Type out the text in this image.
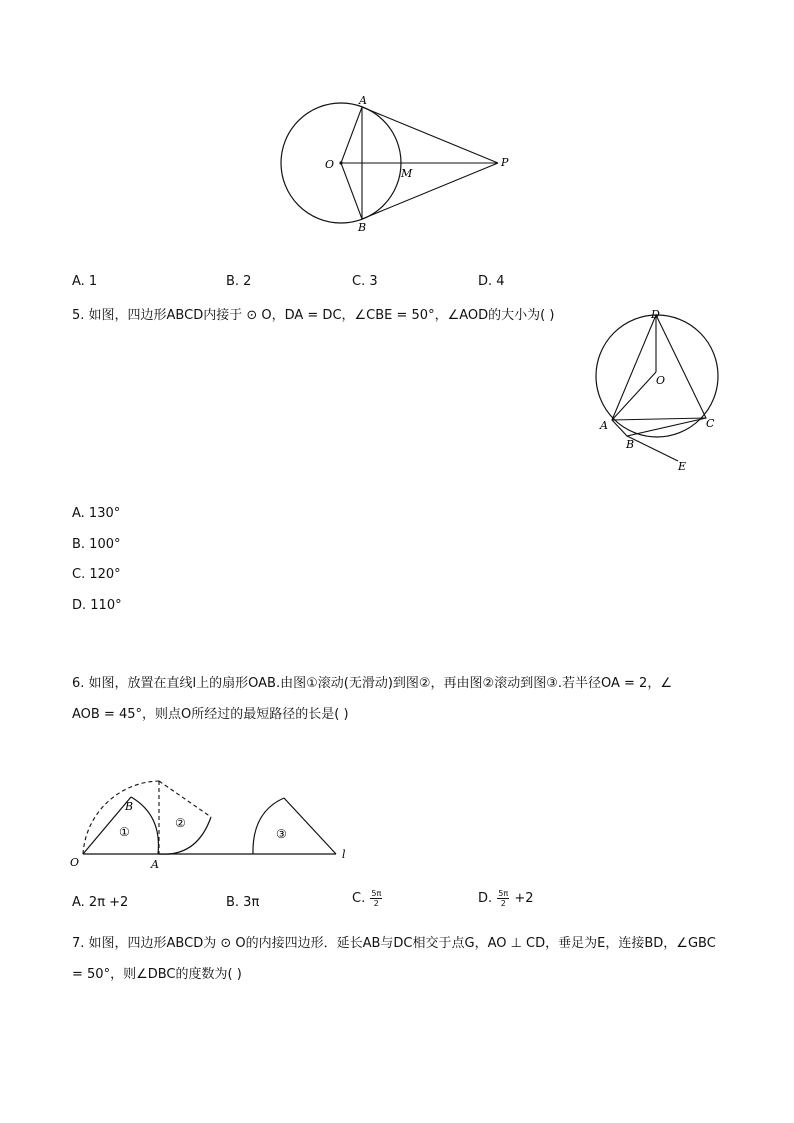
A
O
M
P
B
A. 1	B. 2	C. 3	D. 4
5. 如图，四边形ABCD内接于 ⊙ O，DA = DC，∠CBE = 50°，∠AOD的大小为( )	D
O
A	C
B
E
A. 130°
B. 100°
C. 120°
D. 110°
6. 如图，放置在直线l上的扇形OAB.由图①滚动(无滑动)到图②，再由图②滚动到图③.若半径OA = 2，∠
AOB = 45°，则点O所经过的最短路径的长是( )
O	A
B
l
①
②
③
A. 2π +2	B. 3π	C. $\frac{5\pi}{2}$	D. $\frac{5\pi}{2} +2$
7. 如图，四边形ABCD为 ⊙ O的内接四边形．延长AB与DC相交于点G，AO ⊥ CD，垂足为E，连接BD，∠GBC
= 50°，则∠DBC的度数为( )
